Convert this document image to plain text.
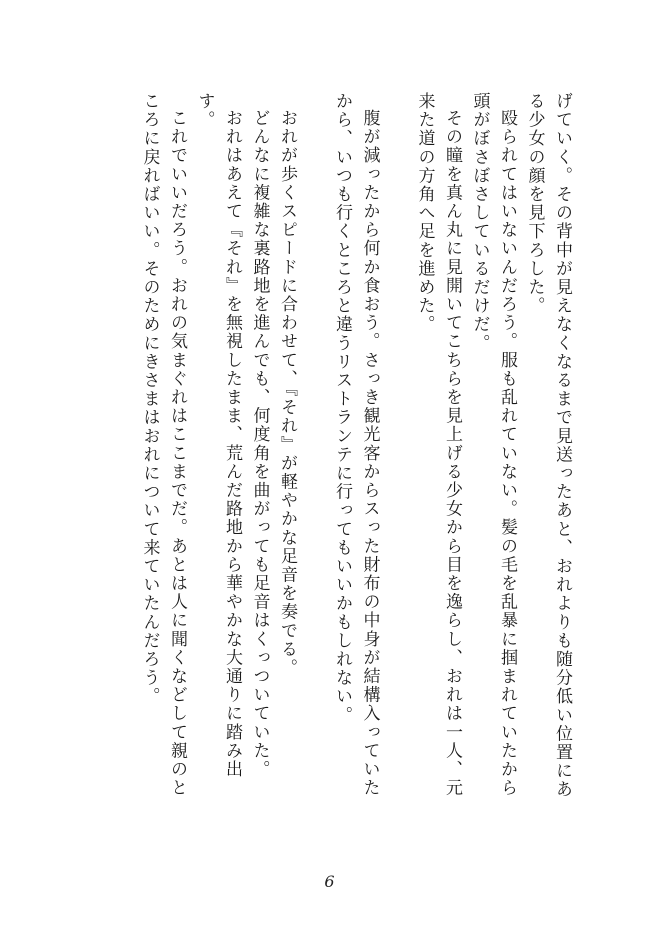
げていく。その背中が見えなくなるまで見送ったあと、おれよりも随分低い位置にあ
る少女の顔を見下ろした。
殴られてはいないんだろう。服も乱れていない。髪の毛を乱暴に掴まれていたから
頭がぼさぼさしているだけだ。
その瞳を真ん丸に見開いてこちらを見上げる少女から目を逸らし、おれは一人、元
来た道の方角へ足を進めた。
腹が減ったから何か食おう。さっき観光客からスった財布の中身が結構入っていた
から、いつも行くところと違うリストランテに行ってもいいかもしれない。
おれが歩くスピードに合わせて、『それ』が軽やかな足音を奏でる。
どんなに複雑な裏路地を進んでも、何度角を曲がっても足音はくっついていた。
おれはあえて『それ』を無視したまま、荒んだ路地から華やかな大通りに踏み出
す。
これでいいだろう。おれの気まぐれはここまでだ。あとは人に聞くなどして親のと
ころに戻ればいい。そのためにきさまはおれについて来ていたんだろう。
6
